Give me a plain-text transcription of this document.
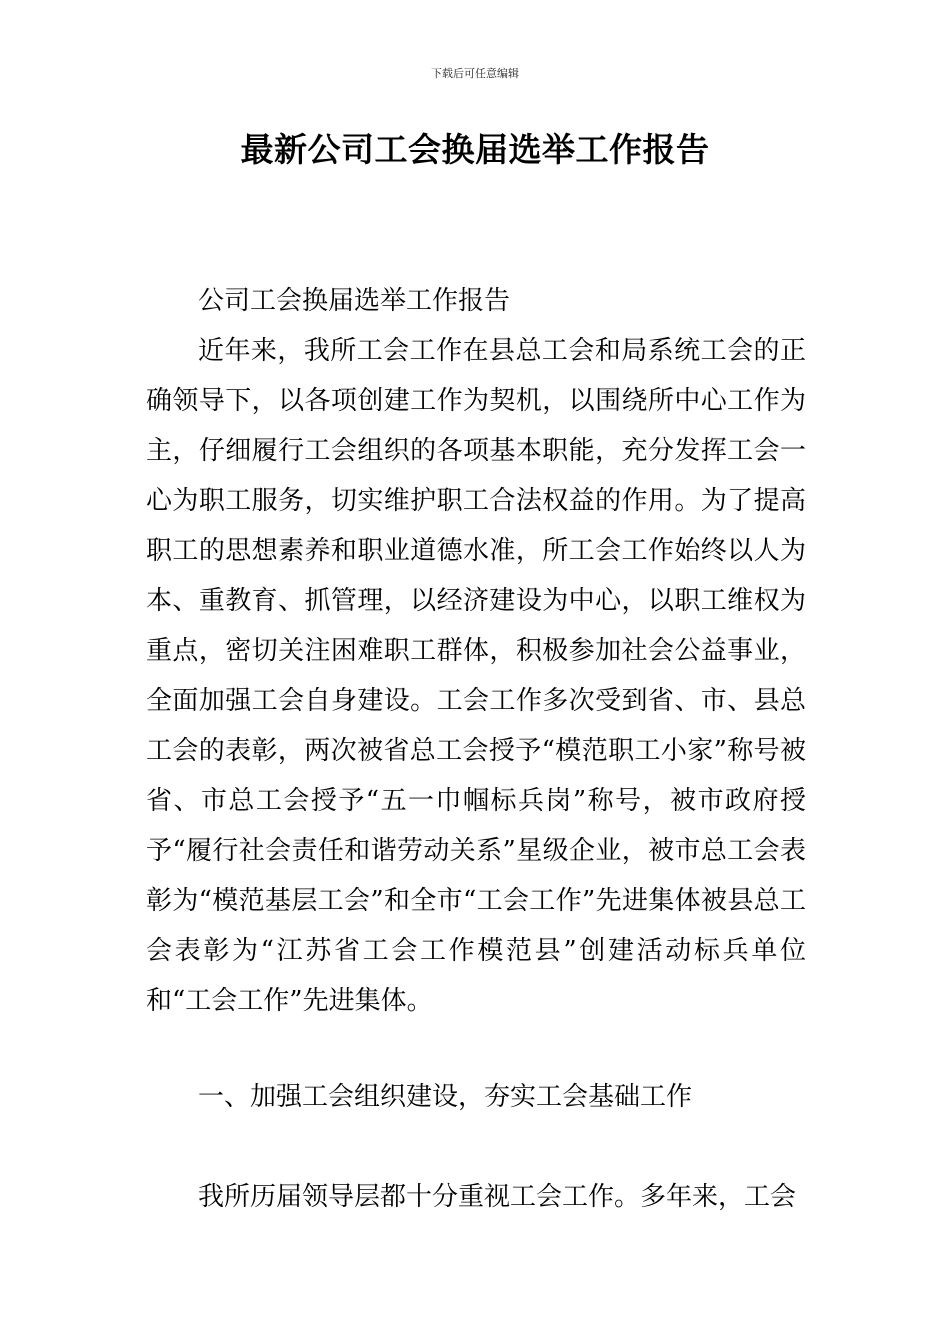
下载后可任意编辑
最新公司工会换届选举工作报告

公司工会换届选举工作报告

近年来，我所工会工作在县总工会和局系统工会的正确领导下，以各项创建工作为契机，以围绕所中心工作为主，仔细履行工会组织的各项基本职能，充分发挥工会一心为职工服务，切实维护职工合法权益的作用。为了提高职工的思想素养和职业道德水准，所工会工作始终以人为本、重教育、抓管理，以经济建设为中心，以职工维权为重点，密切关注困难职工群体，积极参加社会公益事业，全面加强工会自身建设。工会工作多次受到省、市、县总工会的表彰，两次被省总工会授予“模范职工小家”称号被省、市总工会授予“五一巾帼标兵岗”称号，被市政府授予“履行社会责任和谐劳动关系”星级企业，被市总工会表彰为“模范基层工会”和全市“工会工作”先进集体被县总工会表彰为“江苏省工会工作模范县”创建活动标兵单位和“工会工作”先进集体。

一、加强工会组织建设，夯实工会基础工作

我所历届领导层都十分重视工会工作。多年来，工会
